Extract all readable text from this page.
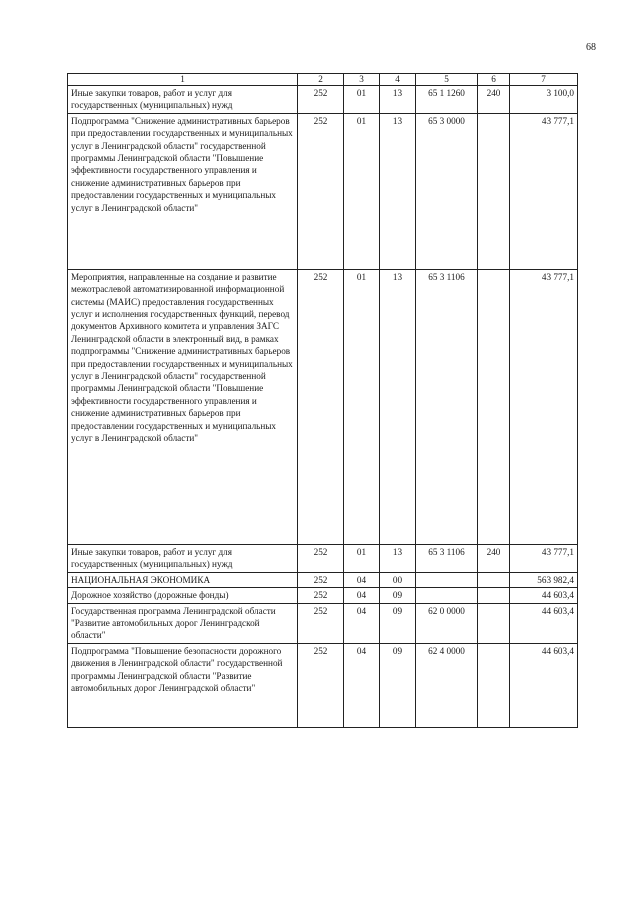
68
1	2	3	4	5	6	7
Иные закупки товаров, работ и услуг для государственных (муниципальных) нужд	252	01	13	65 1 1260	240	3 100,0
Подпрограмма "Снижение административных барьеров при предоставлении государственных и муниципальных услуг в Ленинградской области" государственной программы Ленинградской области "Повышение эффективности государственного управления и снижение административных барьеров при предоставлении государственных и муниципальных услуг в Ленинградской области"	252	01	13	65 3 0000		43 777,1
Мероприятия, направленные на создание и развитие межотраслевой автоматизированной информационной системы (МАИС) предоставления государственных услуг и исполнения государственных функций, перевод документов Архивного комитета и управления ЗАГС Ленинградской области в электронный вид, в рамках подпрограммы "Снижение административных барьеров при предоставлении государственных и муниципальных услуг в Ленинградской области" государственной программы Ленинградской области "Повышение эффективности государственного управления и снижение административных барьеров при предоставлении государственных и муниципальных услуг в Ленинградской области"	252	01	13	65 3 1106		43 777,1
Иные закупки товаров, работ и услуг для государственных (муниципальных) нужд	252	01	13	65 3 1106	240	43 777,1
НАЦИОНАЛЬНАЯ ЭКОНОМИКА	252	04	00			563 982,4
Дорожное хозяйство (дорожные фонды)	252	04	09			44 603,4
Государственная программа Ленинградской области "Развитие автомобильных дорог Ленинградской области"	252	04	09	62 0 0000		44 603,4
Подпрограмма "Повышение безопасности дорожного движения в Ленинградской области" государственной программы Ленинградской области "Развитие автомобильных дорог Ленинградской области"	252	04	09	62 4 0000		44 603,4
